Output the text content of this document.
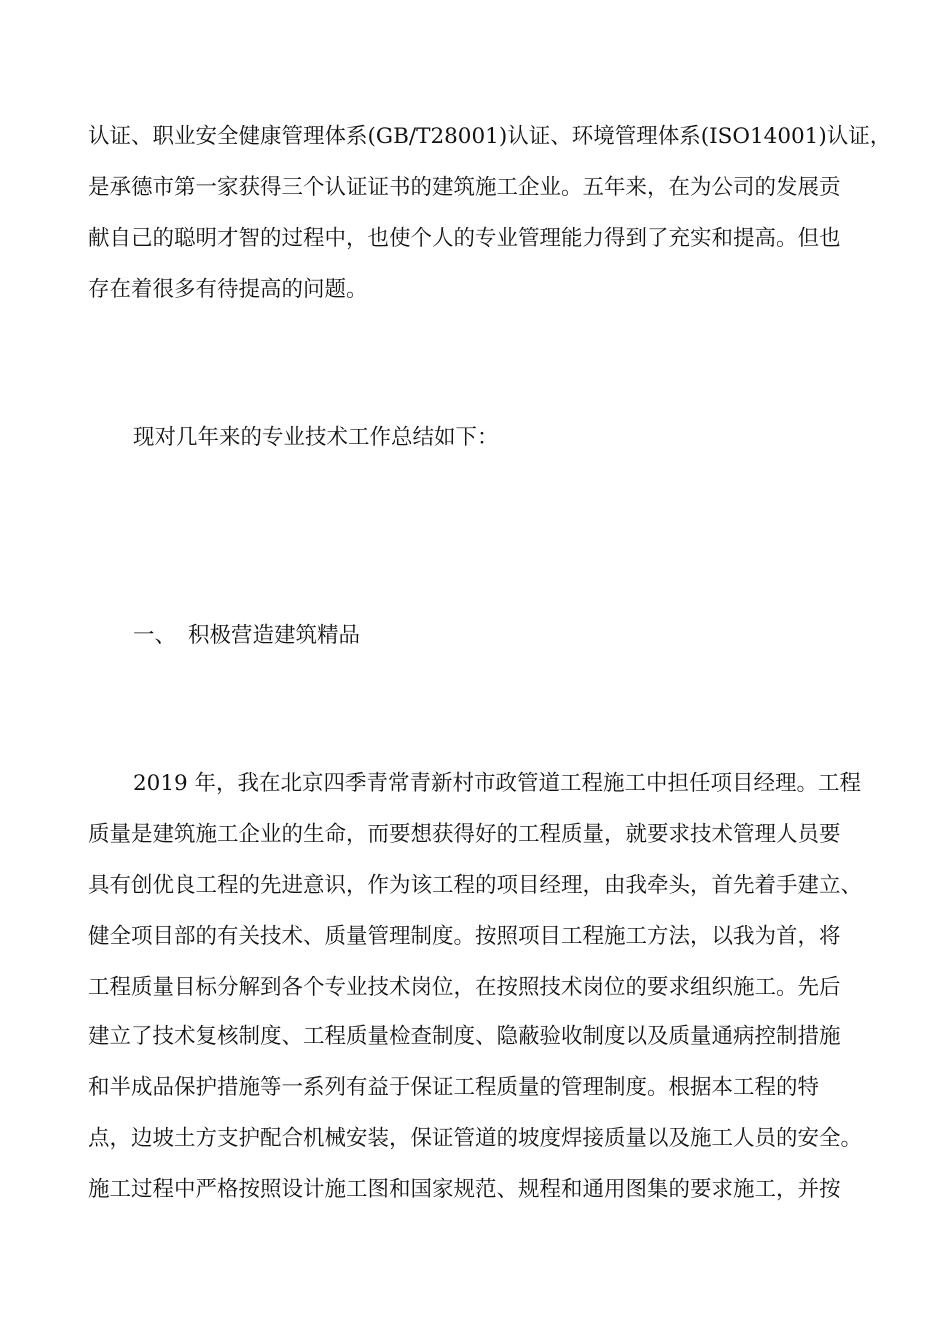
认证、职业安全健康管理体系(GB/T28001)认证、环境管理体系(ISO14001)认证，
是承德市第一家获得三个认证证书的建筑施工企业。五年来，在为公司的发展贡
献自己的聪明才智的过程中，也使个人的专业管理能力得到了充实和提高。但也
存在着很多有待提高的问题。
现对几年来的专业技术工作总结如下：
一、 积极营造建筑精品
2019 年，我在北京四季青常青新村市政管道工程施工中担任项目经理。工程
质量是建筑施工企业的生命，而要想获得好的工程质量，就要求技术管理人员要
具有创优良工程的先进意识，作为该工程的项目经理，由我牵头，首先着手建立、
健全项目部的有关技术、质量管理制度。按照项目工程施工方法，以我为首，将
工程质量目标分解到各个专业技术岗位，在按照技术岗位的要求组织施工。先后
建立了技术复核制度、工程质量检查制度、隐蔽验收制度以及质量通病控制措施
和半成品保护措施等一系列有益于保证工程质量的管理制度。根据本工程的特
点，边坡土方支护配合机械安装，保证管道的坡度焊接质量以及施工人员的安全。
施工过程中严格按照设计施工图和国家规范、规程和通用图集的要求施工，并按
